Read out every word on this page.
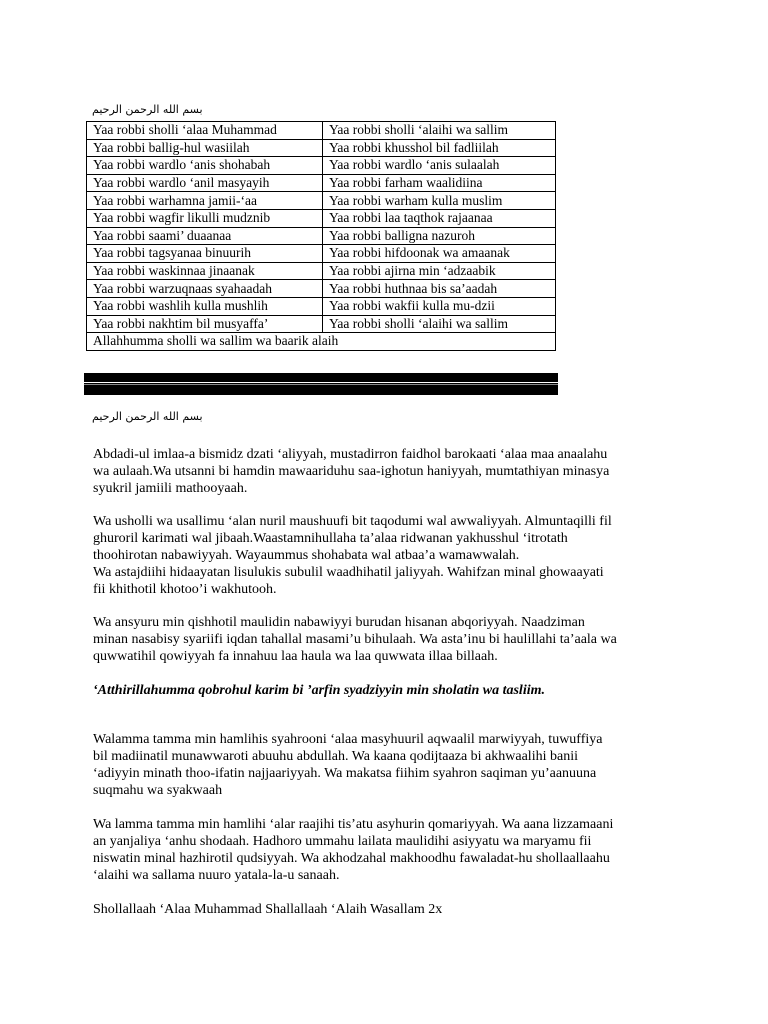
بسم الله الرحمن الرحيم
Yaa robbi sholli ‘alaa Muhammad	Yaa robbi sholli ‘alaihi wa sallim
Yaa robbi ballig-hul wasiilah	Yaa robbi khusshol bil fadliilah
Yaa robbi wardlo ‘anis shohabah	Yaa robbi wardlo ‘anis sulaalah
Yaa robbi wardlo ‘anil masyayih	Yaa robbi farham waalidiina
Yaa robbi warhamna jamii-‘aa	Yaa robbi warham kulla muslim
Yaa robbi wagfir likulli mudznib	Yaa robbi laa taqthok rajaanaa
Yaa robbi saami’ duaanaa	Yaa robbi balligna nazuroh
Yaa robbi tagsyanaa binuurih	Yaa robbi hifdoonak wa amaanak
Yaa robbi waskinnaa jinaanak	Yaa robbi ajirna min ‘adzaabik
Yaa robbi warzuqnaas syahaadah	Yaa robbi huthnaa bis sa’aadah
Yaa robbi washlih kulla mushlih	Yaa robbi wakfii kulla mu-dzii
Yaa robbi nakhtim bil musyaffa’	Yaa robbi sholli ‘alaihi wa sallim
Allahhumma sholli wa sallim wa baarik alaih	
بسم الله الرحمن الرحيم

Abdadi-ul imlaa-a bismidz dzati ‘aliyyah, mustadirron faidhol barokaati ‘alaa maa anaalahu
wa aulaah.Wa utsanni bi hamdin mawaariduhu saa-ighotun haniyyah, mumtathiyan minasya
syukril jamiili mathooyaah.

Wa usholli wa usallimu ‘alan nuril maushuufi bit taqodumi wal awwaliyyah. Almuntaqilli fil
ghuroril karimati wal jibaah.Waastamnihullaha ta’alaa ridwanan yakhusshul ‘itrotath
thoohirotan nabawiyyah. Wayaummus shohabata wal atbaa’a wamawwalah.
Wa astajdiihi hidaayatan lisulukis subulil waadhihatil jaliyyah. Wahifzan minal ghowaayati
fii khithotil khotoo’i wakhutooh.

Wa ansyuru min qishhotil maulidin nabawiyyi burudan hisanan abqoriyyah. Naadziman
minan nasabisy syariifi iqdan tahallal masami’u bihulaah. Wa asta’inu bi haulillahi ta’aala wa
quwwatihil qowiyyah fa innahuu laa haula wa laa quwwata illaa billaah.

‘Atthirillahumma qobrohul karim bi ’arfin syadziyyin min sholatin wa tasliim.

Walamma tamma min hamlihis syahrooni ‘alaa masyhuuril aqwaalil marwiyyah, tuwuffiya
bil madiinatil munawwaroti abuuhu abdullah. Wa kaana qodijtaaza bi akhwaalihi banii
‘adiyyin minath thoo-ifatin najjaariyyah. Wa makatsa fiihim syahron saqiman yu’aanuuna
suqmahu wa syakwaah

Wa lamma tamma min hamlihi ‘alar raajihi tis’atu asyhurin qomariyyah. Wa aana lizzamaani
an yanjaliya ‘anhu shodaah. Hadhoro ummahu lailata maulidihi asiyyatu wa maryamu fii
niswatin minal hazhirotil qudsiyyah. Wa akhodzahal makhoodhu fawaladat-hu shollaallaahu
‘alaihi wa sallama nuuro yatala-la-u sanaah.

Shollallaah ‘Alaa Muhammad Shallallaah ‘Alaih Wasallam 2x
